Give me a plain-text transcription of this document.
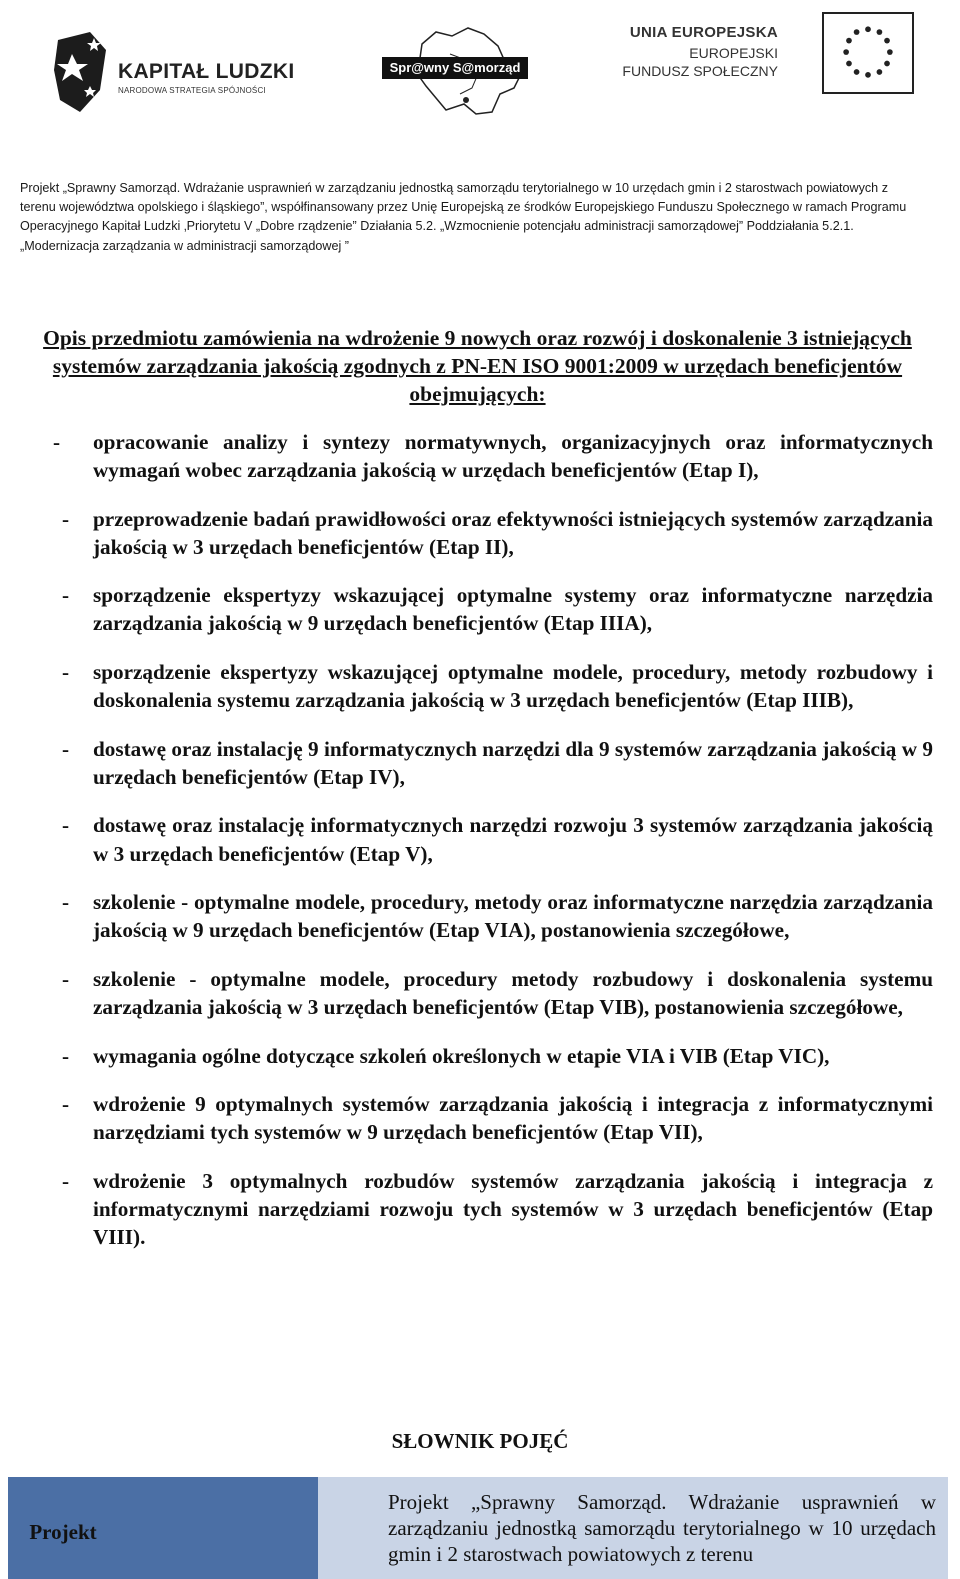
KAPITAŁ LUDZKI
NARODOWA STRATEGIA SPÓJNOŚCI
Spr@wny S@morząd
UNIA EUROPEJSKA
EUROPEJSKI
FUNDUSZ SPOŁECZNY

Projekt „Sprawny Samorząd. Wdrażanie usprawnień w zarządzaniu jednostką samorządu terytorialnego w 10 urzędach gmin i 2 starostwach powiatowych z terenu województwa opolskiego i śląskiego”, współfinansowany przez Unię Europejską ze środków Europejskiego Funduszu Społecznego w ramach Programu Operacyjnego Kapitał Ludzki ‚Priorytetu V „Dobre rządzenie” Działania 5.2. „Wzmocnienie potencjału administracji samorządowej” Poddziałania 5.2.1. „Modernizacja zarządzania w administracji samorządowej ”

Opis przedmiotu zamówienia na wdrożenie 9 nowych oraz rozwój i doskonalenie 3 istniejących systemów zarządzania jakością zgodnych z PN-EN ISO 9001:2009 w urzędach beneficjentów obejmujących:
- opracowanie analizy i syntezy normatywnych, organizacyjnych oraz informatycznych wymagań wobec zarządzania jakością w urzędach beneficjentów (Etap I),
- przeprowadzenie badań prawidłowości oraz efektywności istniejących systemów zarządzania jakością w 3 urzędach beneficjentów (Etap II),
- sporządzenie ekspertyzy wskazującej optymalne systemy oraz informatyczne narzędzia zarządzania jakością w 9 urzędach beneficjentów (Etap IIIA),
- sporządzenie ekspertyzy wskazującej optymalne modele, procedury, metody rozbudowy i doskonalenia systemu zarządzania jakością w 3 urzędach beneficjentów (Etap IIIB),
- dostawę oraz instalację 9 informatycznych narzędzi dla 9 systemów zarządzania jakością w 9 urzędach beneficjentów (Etap IV),
- dostawę oraz instalację informatycznych narzędzi rozwoju 3 systemów zarządzania jakością w 3 urzędach beneficjentów (Etap V),
- szkolenie - optymalne modele, procedury, metody oraz informatyczne narzędzia zarządzania jakością w 9 urzędach beneficjentów (Etap VIA), postanowienia szczegółowe,
- szkolenie - optymalne modele, procedury metody rozbudowy i doskonalenia systemu zarządzania jakością w 3 urzędach beneficjentów (Etap VIB), postanowienia szczegółowe,
- wymagania ogólne dotyczące szkoleń określonych w etapie VIA i VIB (Etap VIC),
- wdrożenie 9 optymalnych systemów zarządzania jakością i integracja z informatycznymi narzędziami tych systemów w 9 urzędach beneficjentów (Etap VII),
- wdrożenie 3 optymalnych rozbudów systemów zarządzania jakością i integracja z informatycznymi narzędziami rozwoju tych systemów w 3 urzędach beneficjentów (Etap VIII).
SŁOWNIK POJĘĆ
Projekt	Projekt „Sprawny Samorząd. Wdrażanie usprawnień w zarządzaniu jednostką samorządu terytorialnego w 10 urzędach gmin i 2 starostwach powiatowych z terenu
